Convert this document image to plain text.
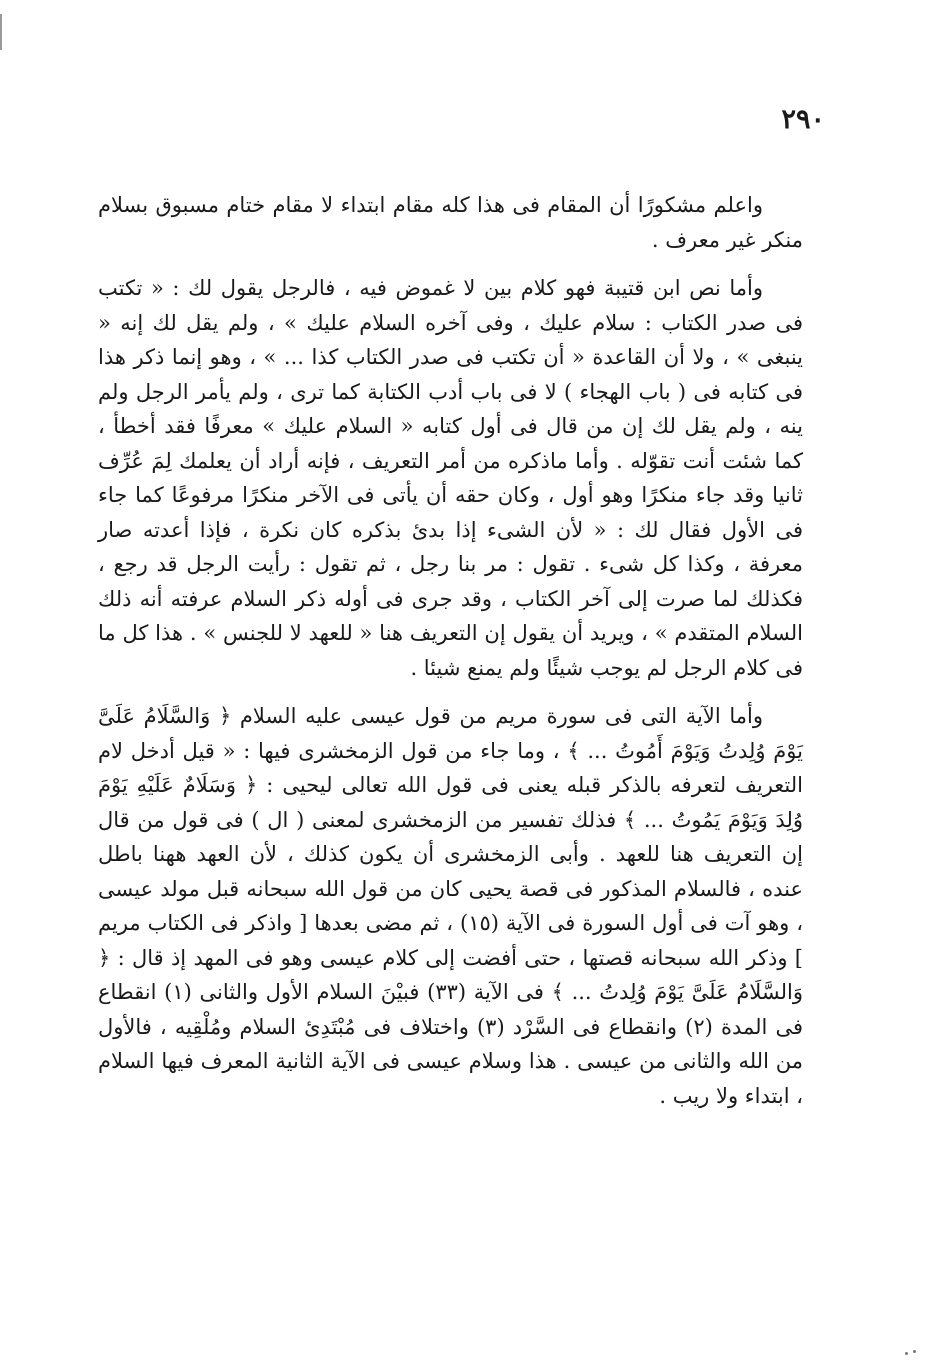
٢٩٠

واعلم مشكورًا أن المقام فى هذا كله مقام ابتداء لا مقام ختام مسبوق بسلام منكر غير معرف .

وأما نص ابن قتيبة فهو كلام بين لا غموض فيه ، فالرجل يقول لك : « تكتب فى صدر الكتاب : سلام عليك ، وفى آخره السلام عليك » ، ولم يقل لك إنه « ينبغى » ، ولا أن القاعدة « أن تكتب فى صدر الكتاب كذا ... » ، وهو إنما ذكر هذا فى كتابه فى ( باب الهجاء ) لا فى باب أدب الكتابة كما ترى ، ولم يأمر الرجل ولم ينه ، ولم يقل لك إن من قال فى أول كتابه « السلام عليك » معرفًا فقد أخطأ ، كما شئت أنت تقوّله . وأما ماذكره من أمر التعريف ، فإنه أراد أن يعلمك لِمَ عُرِّف ثانيا وقد جاء منكرًا وهو أول ، وكان حقه أن يأتى فى الآخر منكرًا مرفوعًا كما جاء فى الأول فقال لك : « لأن الشىء إذا بدئ بذكره كان نكرة ، فإذا أعدته صار معرفة ، وكذا كل شىء . تقول : مر بنا رجل ، ثم تقول : رأيت الرجل قد رجع ، فكذلك لما صرت إلى آخر الكتاب ، وقد جرى فى أوله ذكر السلام عرفته أنه ذلك السلام المتقدم » ، ويريد أن يقول إن التعريف هنا « للعهد لا للجنس » . هذا كل ما فى كلام الرجل لم يوجب شيئًا ولم يمنع شيئا .

وأما الآية التى فى سورة مريم من قول عيسى عليه السلام ﴿ وَالسَّلَامُ عَلَىَّ يَوْمَ وُلِدتُ وَيَوْمَ أَمُوتُ ... ﴾ ، وما جاء من قول الزمخشرى فيها : « قيل أدخل لام التعريف لتعرفه بالذكر قبله يعنى فى قول الله تعالى ليحيى : ﴿ وَسَلَامٌ عَلَيْهِ يَوْمَ وُلِدَ وَيَوْمَ يَمُوتُ ... ﴾ فذلك تفسير من الزمخشرى لمعنى ( ال ) فى قول من قال إن التعريف هنا للعهد . وأبى الزمخشرى أن يكون كذلك ، لأن العهد ههنا باطل عنده ، فالسلام المذكور فى قصة يحيى كان من قول الله سبحانه قبل مولد عيسى ، وهو آت فى أول السورة فى الآية (١٥) ، ثم مضى بعدها [ واذكر فى الكتاب مريم ] وذكر الله سبحانه قصتها ، حتى أفضت إلى كلام عيسى وهو فى المهد إذ قال : ﴿ وَالسَّلَامُ عَلَىَّ يَوْمَ وُلِدتُ ... ﴾ فى الآية (٣٣) فبيْنَ السلام الأول والثانى (١) انقطاع فى المدة (٢) وانقطاع فى السَّرْد (٣) واختلاف فى مُبْتَدِئ السلام ومُلْقِيه ، فالأول من الله والثانى من عيسى . هذا وسلام عيسى فى الآية الثانية المعرف فيها السلام ، ابتداء ولا ريب .
